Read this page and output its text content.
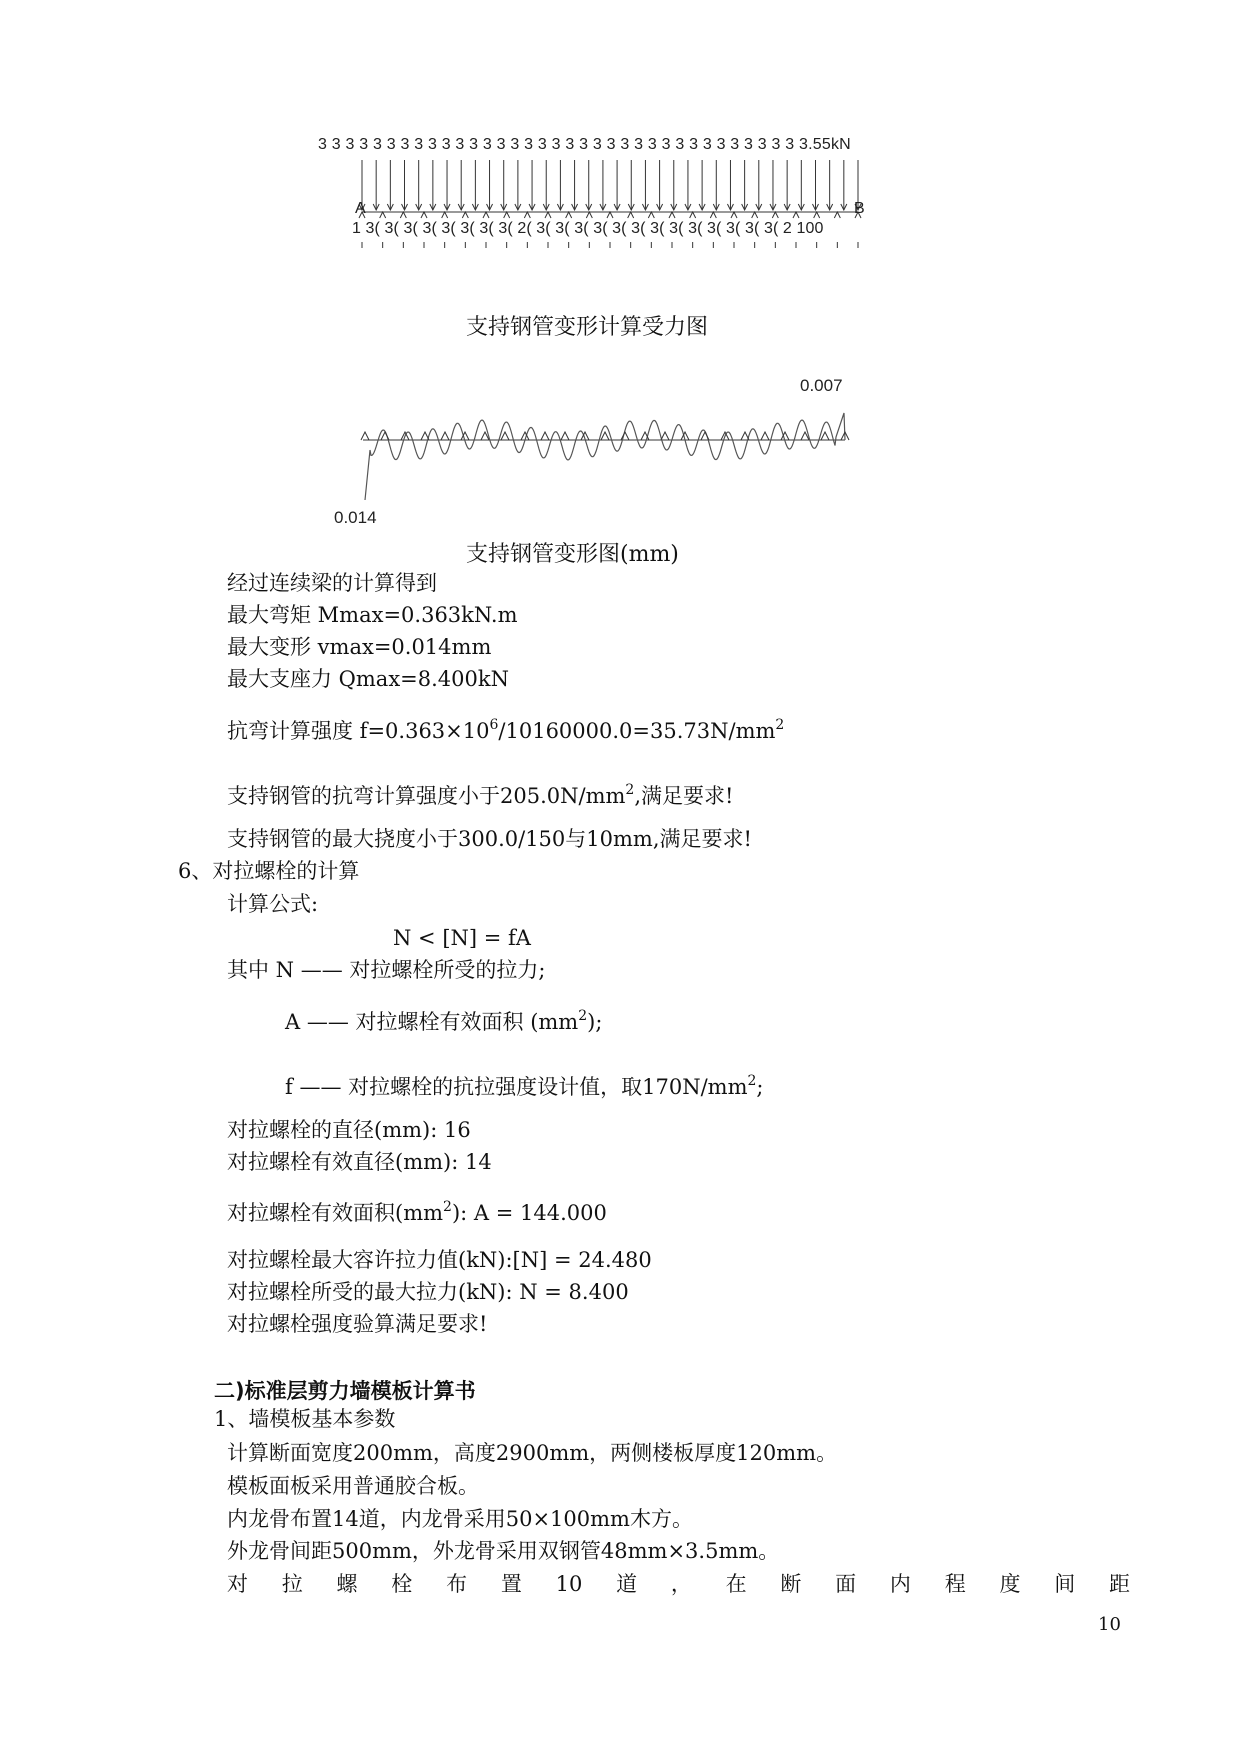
3 3 3 3 3 3 3 3 3 3 3 3 3 3 3 3 3 3 3 3 3 3 3 3 3 3 3 3 3 3 3 3 3 3 3 3.55kN
A	B
1 3( 3( 3( 3( 3( 3( 3( 3( 2( 3( 3( 3( 3( 3( 3( 3( 3( 3( 3( 3( 3( 3( 2 100
支持钢管变形计算受力图
0.007
0.014
支持钢管变形图(mm)
经过连续梁的计算得到
最大弯矩 Mmax=0.363kN.m
最大变形 vmax=0.014mm
最大支座力 Qmax=8.400kN
抗弯计算强度 $f=0.363\times 10^6/10160000.0=35.73N/mm^2$
支持钢管的抗弯计算强度小于$205.0N/mm^2$,满足要求!
支持钢管的最大挠度小于300.0/150与10mm,满足要求!
6、对拉螺栓的计算
计算公式:
N < [N] = fA
其中 N —— 对拉螺栓所受的拉力;
A —— 对拉螺栓有效面积 $(mm^2)$;
f —— 对拉螺栓的抗拉强度设计值，取$170N/mm^2$;
对拉螺栓的直径(mm): 16
对拉螺栓有效直径(mm): 14
对拉螺栓有效面积$(mm^2)$: A = 144.000
对拉螺栓最大容许拉力值(kN):[N] = 24.480
对拉螺栓所受的最大拉力(kN): N = 8.400
对拉螺栓强度验算满足要求!
二)标准层剪力墙模板计算书
1、墙模板基本参数
计算断面宽度200mm，高度2900mm，两侧楼板厚度120mm。
模板面板采用普通胶合板。
内龙骨布置14道，内龙骨采用50×100mm木方。
外龙骨间距500mm，外龙骨采用双钢管48mm×3.5mm。
对 拉 螺 栓 布 置 10 道 ， 在 断 面 内 程 度 间 距
10
